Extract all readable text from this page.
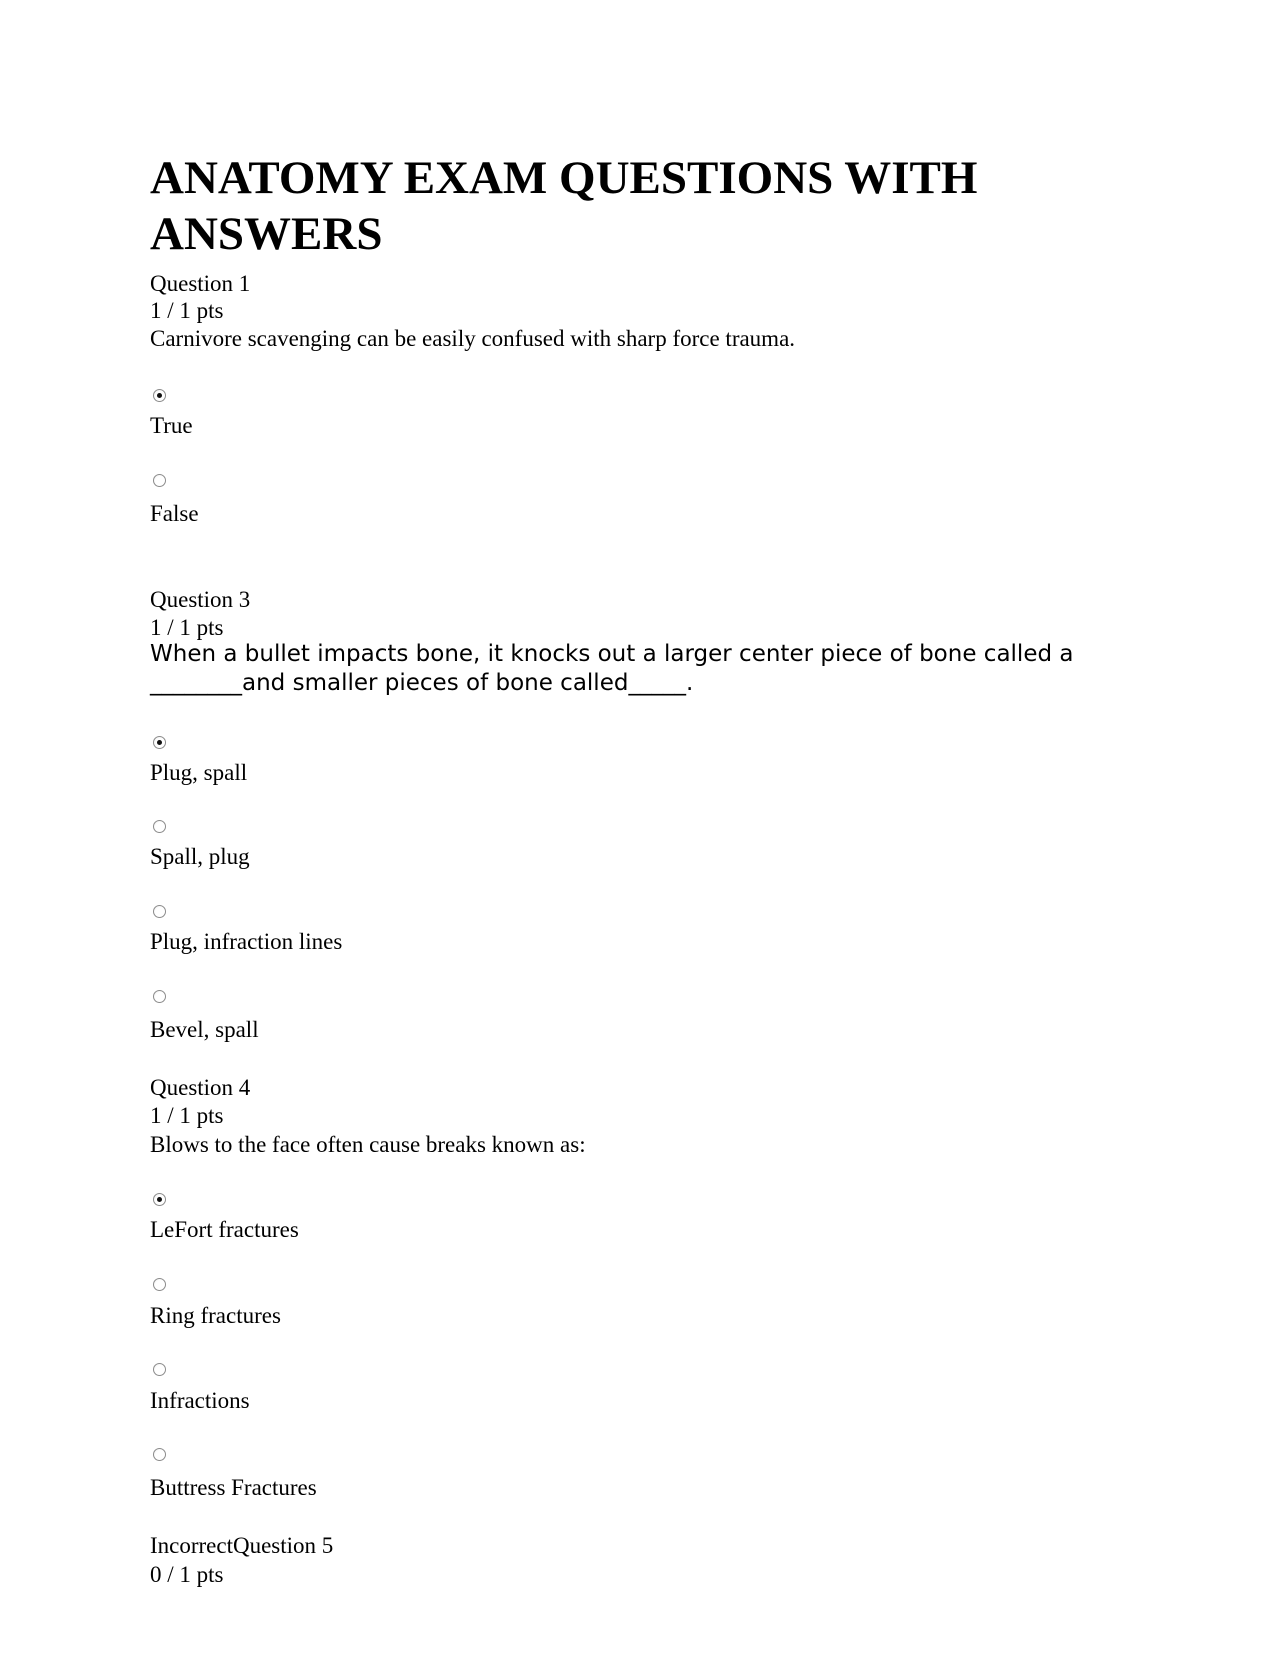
ANATOMY EXAM QUESTIONS WITH ANSWERS
Question 1
1 / 1 pts
Carnivore scavenging can be easily confused with sharp force trauma.
True
False
Question 3
1 / 1 pts
When a bullet impacts bone, it knocks out a larger center piece of bone called a ________and smaller pieces of bone called_____.
Plug, spall
Spall, plug
Plug, infraction lines
Bevel, spall
Question 4
1 / 1 pts
Blows to the face often cause breaks known as:
LeFort fractures
Ring fractures
Infractions
Buttress Fractures
IncorrectQuestion 5
0 / 1 pts
